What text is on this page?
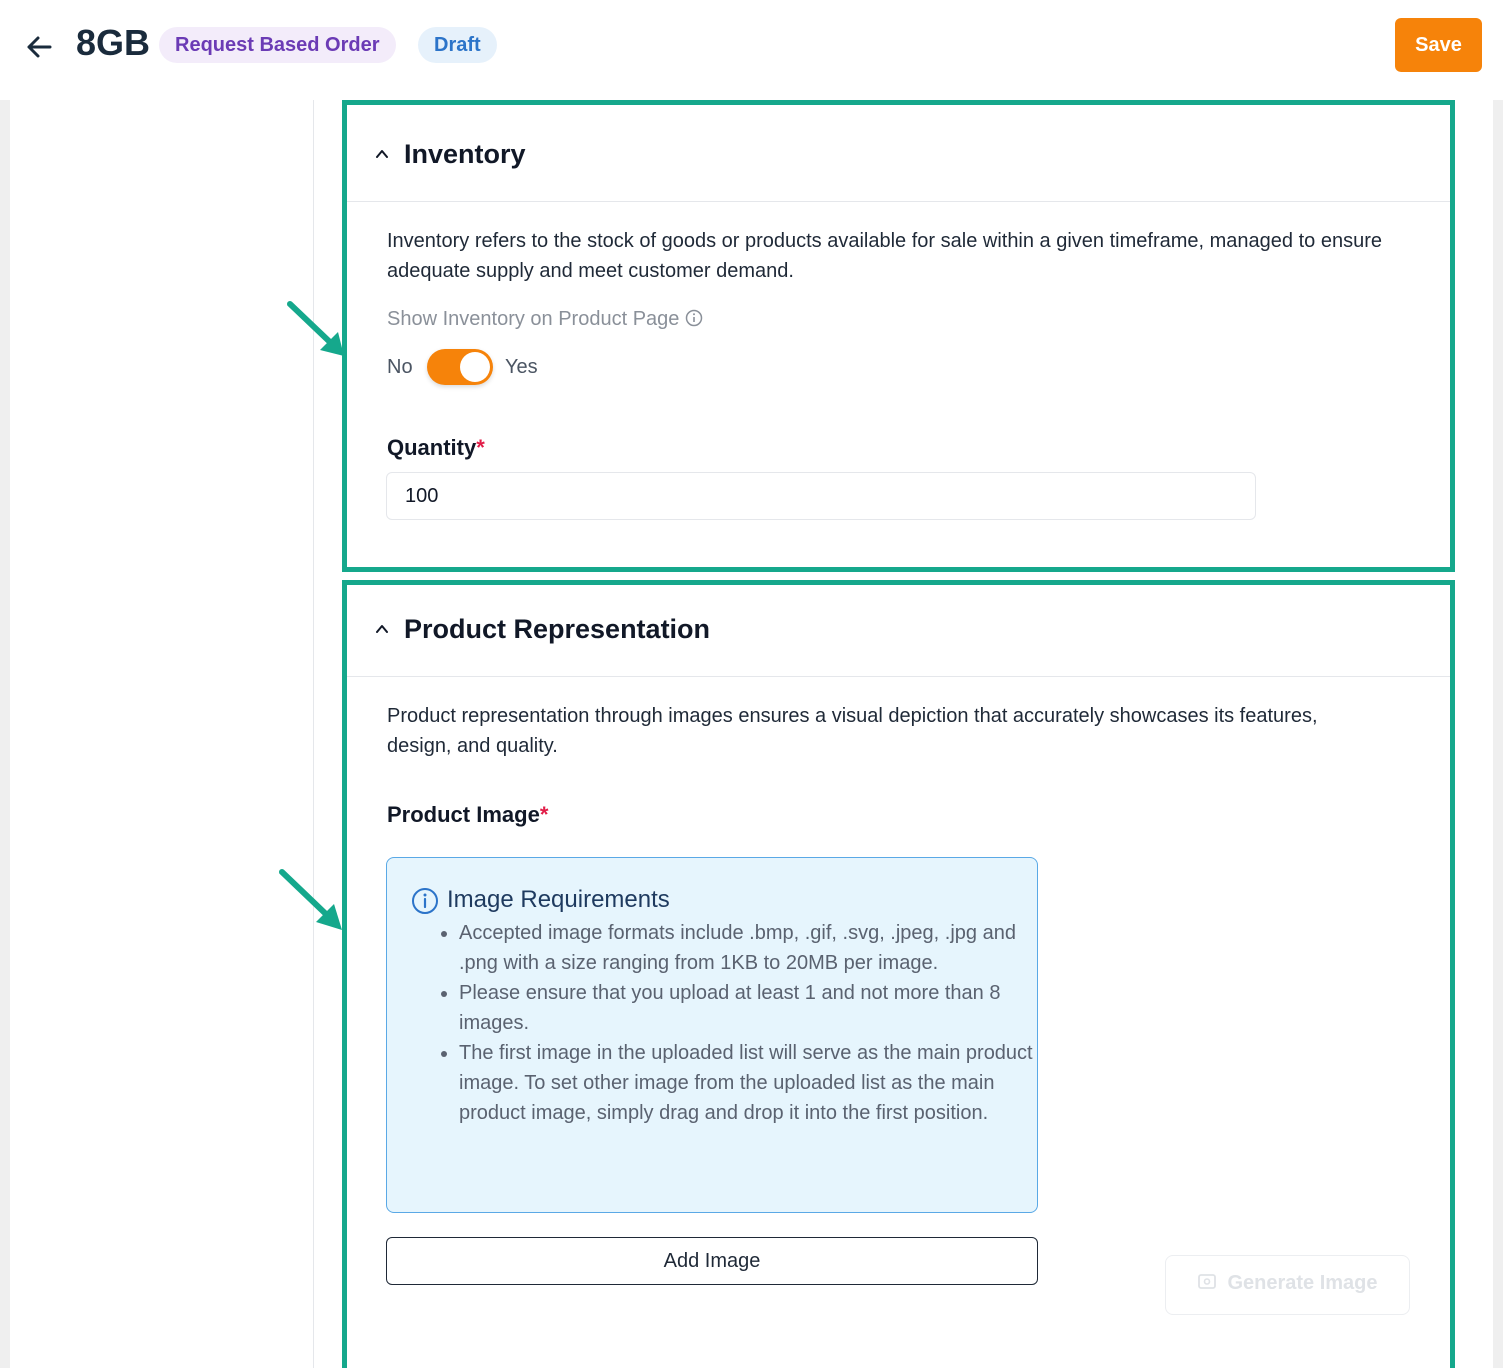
8GB	Request Based Order	Draft	Save
Inventory
Inventory refers to the stock of goods or products available for sale within a given timeframe, managed to ensure adequate supply and meet customer demand.
Show Inventory on Product Page
No	Yes
Quantity*
100
Product Representation
Product representation through images ensures a visual depiction that accurately showcases its features, design, and quality.
Product Image*
Image Requirements
• Accepted image formats include .bmp, .gif, .svg, .jpeg, .jpg and .png with a size ranging from 1KB to 20MB per image.
• Please ensure that you upload at least 1 and not more than 8 images.
• The first image in the uploaded list will serve as the main product image. To set other image from the uploaded list as the main product image, simply drag and drop it into the first position.
Add Image
Generate Image
